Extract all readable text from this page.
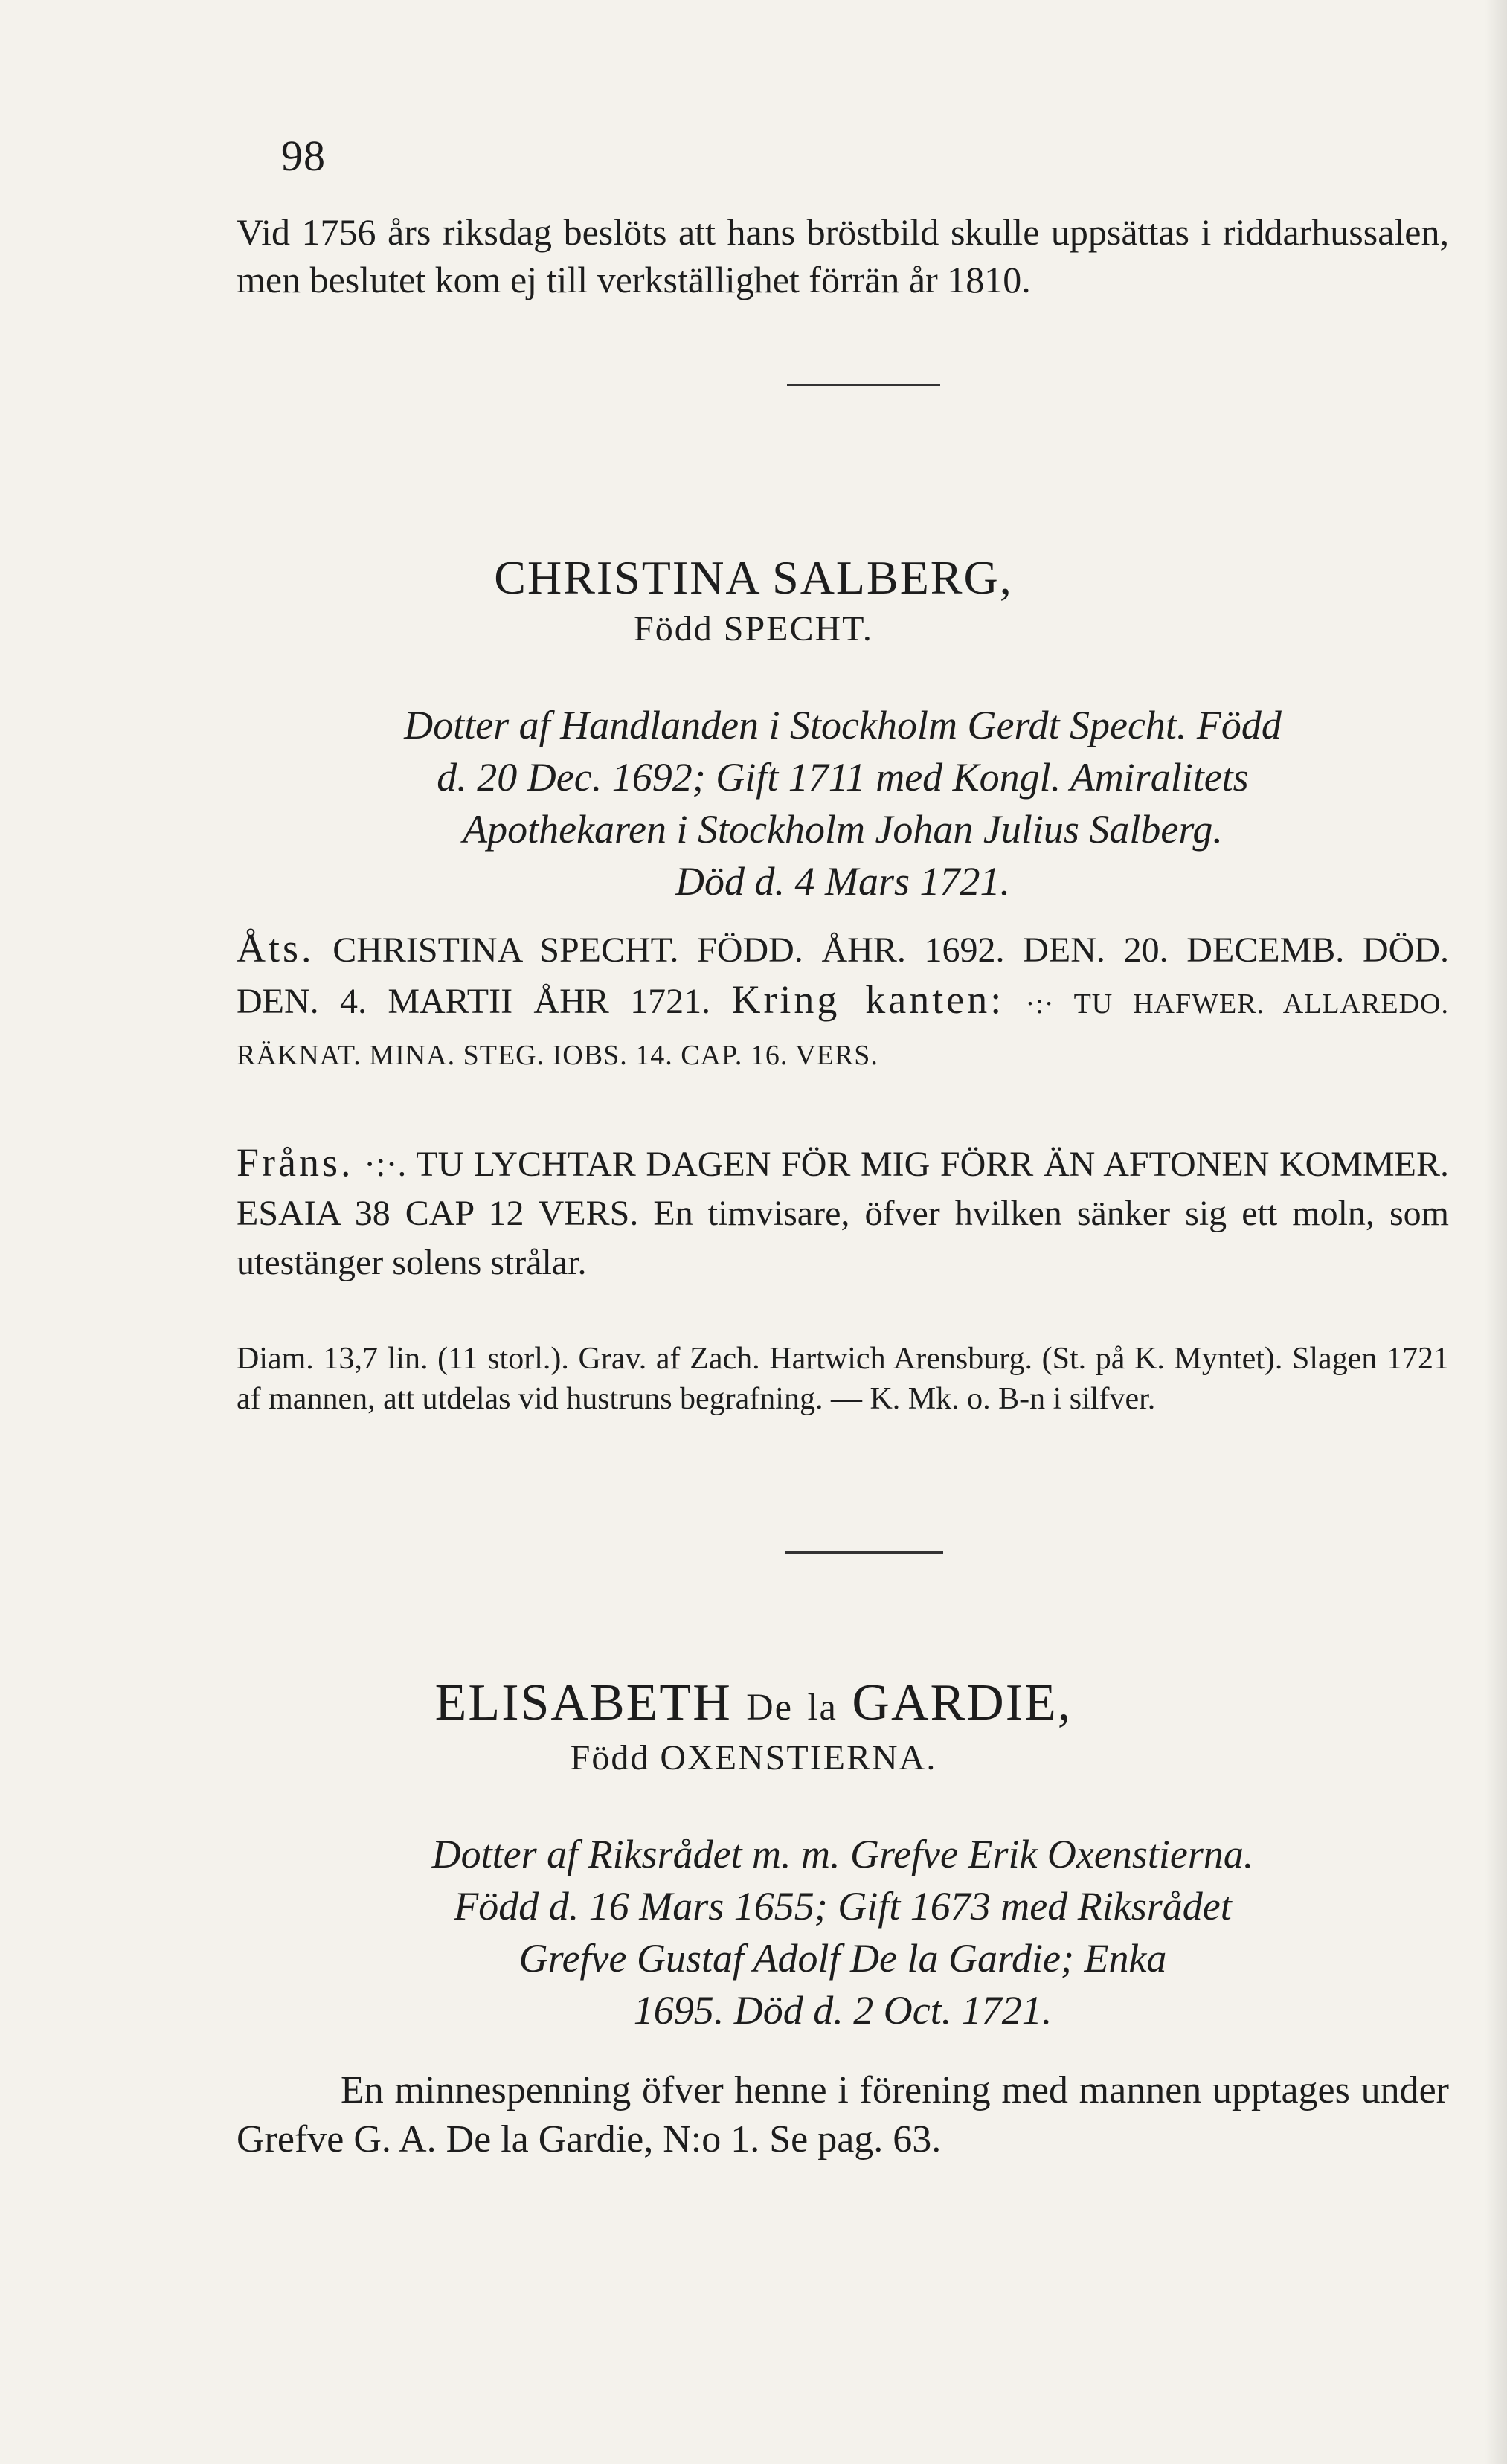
98
Vid 1756 års riksdag beslöts att hans bröstbild skulle uppsättas i riddarhussalen, men beslutet kom ej till verkställighet förrän år 1810.
CHRISTINA SALBERG,
Född SPECHT.
Dotter af Handlanden i Stockholm Gerdt Specht. Född
d. 20 Dec. 1692; Gift 1711 med Kongl. Amiralitets
Apothekaren i Stockholm Johan Julius Salberg.
Död d. 4 Mars 1721.
Åts. CHRISTINA SPECHT. FÖDD. ÅHR. 1692. DEN. 20. DECEMB. DÖD. DEN. 4. MARTII ÅHR 1721. Kring kanten: ·:· TU HAFWER. ALLAREDO. RÄKNAT. MINA. STEG. IOBS. 14. CAP. 16. VERS.
Fråns. ·:·. TU LYCHTAR DAGEN FÖR MIG FÖRR ÄN AFTONEN KOMMER. ESAIA 38 CAP 12 VERS. En timvisare, öfver hvilken sänker sig ett moln, som utestänger solens strålar.
Diam. 13,7 lin. (11 storl.). Grav. af Zach. Hartwich Arensburg. (St. på K. Myntet). Slagen 1721 af mannen, att utdelas vid hustruns begrafning. — K. Mk. o. B-n i silfver.
ELISABETH De la GARDIE,
Född OXENSTIERNA.
Dotter af Riksrådet m. m. Grefve Erik Oxenstierna.
Född d. 16 Mars 1655; Gift 1673 med Riksrådet
Grefve Gustaf Adolf De la Gardie; Enka
1695. Död d. 2 Oct. 1721.
En minnespenning öfver henne i förening med mannen upptages under Grefve G. A. De la Gardie, N:o 1. Se pag. 63.
